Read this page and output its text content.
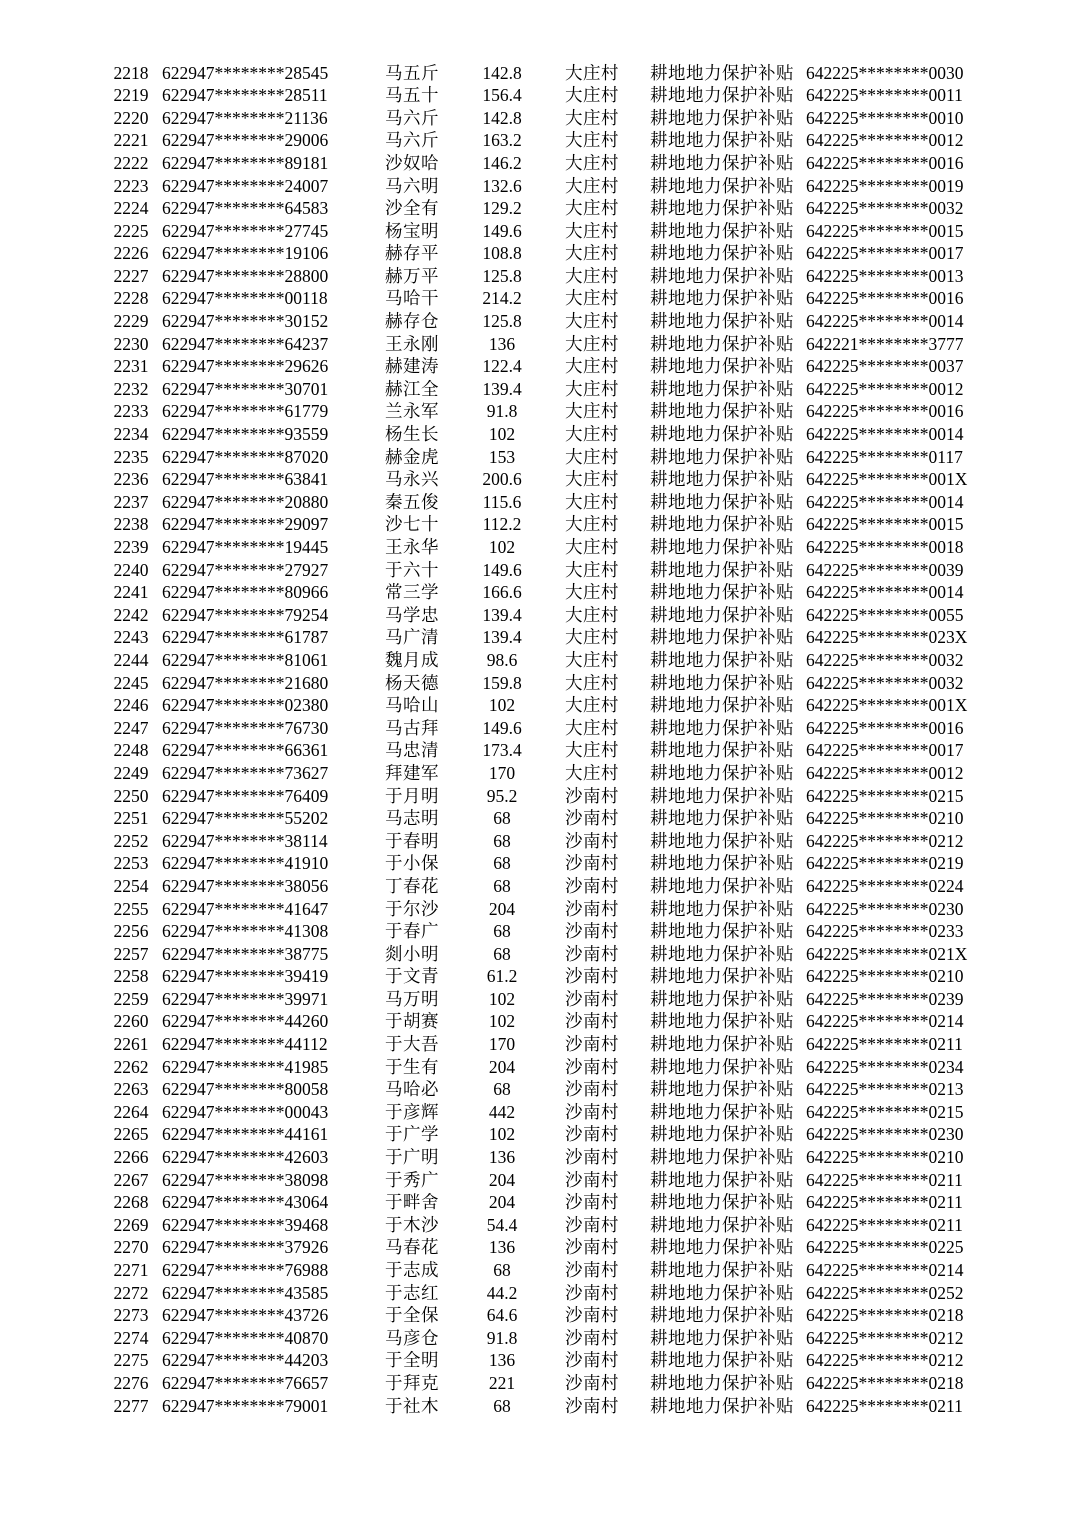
2218	622947********28545	马五斤	142.8	大庄村	耕地地力保护补贴	642225********0030
2219	622947********28511	马五十	156.4	大庄村	耕地地力保护补贴	642225********0011
2220	622947********21136	马六斤	142.8	大庄村	耕地地力保护补贴	642225********0010
2221	622947********29006	马六斤	163.2	大庄村	耕地地力保护补贴	642225********0012
2222	622947********89181	沙奴哈	146.2	大庄村	耕地地力保护补贴	642225********0016
2223	622947********24007	马六明	132.6	大庄村	耕地地力保护补贴	642225********0019
2224	622947********64583	沙全有	129.2	大庄村	耕地地力保护补贴	642225********0032
2225	622947********27745	杨宝明	149.6	大庄村	耕地地力保护补贴	642225********0015
2226	622947********19106	赫存平	108.8	大庄村	耕地地力保护补贴	642225********0017
2227	622947********28800	赫万平	125.8	大庄村	耕地地力保护补贴	642225********0013
2228	622947********00118	马哈干	214.2	大庄村	耕地地力保护补贴	642225********0016
2229	622947********30152	赫存仓	125.8	大庄村	耕地地力保护补贴	642225********0014
2230	622947********64237	王永刚	136	大庄村	耕地地力保护补贴	642221********3777
2231	622947********29626	赫建涛	122.4	大庄村	耕地地力保护补贴	642225********0037
2232	622947********30701	赫江全	139.4	大庄村	耕地地力保护补贴	642225********0012
2233	622947********61779	兰永军	91.8	大庄村	耕地地力保护补贴	642225********0016
2234	622947********93559	杨生长	102	大庄村	耕地地力保护补贴	642225********0014
2235	622947********87020	赫金虎	153	大庄村	耕地地力保护补贴	642225********0117
2236	622947********63841	马永兴	200.6	大庄村	耕地地力保护补贴	642225********001X
2237	622947********20880	秦五俊	115.6	大庄村	耕地地力保护补贴	642225********0014
2238	622947********29097	沙七十	112.2	大庄村	耕地地力保护补贴	642225********0015
2239	622947********19445	王永华	102	大庄村	耕地地力保护补贴	642225********0018
2240	622947********27927	于六十	149.6	大庄村	耕地地力保护补贴	642225********0039
2241	622947********80966	常三学	166.6	大庄村	耕地地力保护补贴	642225********0014
2242	622947********79254	马学忠	139.4	大庄村	耕地地力保护补贴	642225********0055
2243	622947********61787	马广清	139.4	大庄村	耕地地力保护补贴	642225********023X
2244	622947********81061	魏月成	98.6	大庄村	耕地地力保护补贴	642225********0032
2245	622947********21680	杨天德	159.8	大庄村	耕地地力保护补贴	642225********0032
2246	622947********02380	马哈山	102	大庄村	耕地地力保护补贴	642225********001X
2247	622947********76730	马古拜	149.6	大庄村	耕地地力保护补贴	642225********0016
2248	622947********66361	马忠清	173.4	大庄村	耕地地力保护补贴	642225********0017
2249	622947********73627	拜建军	170	大庄村	耕地地力保护补贴	642225********0012
2250	622947********76409	于月明	95.2	沙南村	耕地地力保护补贴	642225********0215
2251	622947********55202	马志明	68	沙南村	耕地地力保护补贴	642225********0210
2252	622947********38114	于春明	68	沙南村	耕地地力保护补贴	642225********0212
2253	622947********41910	于小保	68	沙南村	耕地地力保护补贴	642225********0219
2254	622947********38056	丁春花	68	沙南村	耕地地力保护补贴	642225********0224
2255	622947********41647	于尔沙	204	沙南村	耕地地力保护补贴	642225********0230
2256	622947********41308	于春广	68	沙南村	耕地地力保护补贴	642225********0233
2257	622947********38775	剡小明	68	沙南村	耕地地力保护补贴	642225********021X
2258	622947********39419	于文青	61.2	沙南村	耕地地力保护补贴	642225********0210
2259	622947********39971	马万明	102	沙南村	耕地地力保护补贴	642225********0239
2260	622947********44260	于胡赛	102	沙南村	耕地地力保护补贴	642225********0214
2261	622947********44112	于大吾	170	沙南村	耕地地力保护补贴	642225********0211
2262	622947********41985	于生有	204	沙南村	耕地地力保护补贴	642225********0234
2263	622947********80058	马哈必	68	沙南村	耕地地力保护补贴	642225********0213
2264	622947********00043	于彦辉	442	沙南村	耕地地力保护补贴	642225********0215
2265	622947********44161	于广学	102	沙南村	耕地地力保护补贴	642225********0230
2266	622947********42603	于广明	136	沙南村	耕地地力保护补贴	642225********0210
2267	622947********38098	于秀广	204	沙南村	耕地地力保护补贴	642225********0211
2268	622947********43064	于畔舍	204	沙南村	耕地地力保护补贴	642225********0211
2269	622947********39468	于木沙	54.4	沙南村	耕地地力保护补贴	642225********0211
2270	622947********37926	马春花	136	沙南村	耕地地力保护补贴	642225********0225
2271	622947********76988	于志成	68	沙南村	耕地地力保护补贴	642225********0214
2272	622947********43585	于志红	44.2	沙南村	耕地地力保护补贴	642225********0252
2273	622947********43726	于全保	64.6	沙南村	耕地地力保护补贴	642225********0218
2274	622947********40870	马彦仓	91.8	沙南村	耕地地力保护补贴	642225********0212
2275	622947********44203	于全明	136	沙南村	耕地地力保护补贴	642225********0212
2276	622947********76657	于拜克	221	沙南村	耕地地力保护补贴	642225********0218
2277	622947********79001	于社木	68	沙南村	耕地地力保护补贴	642225********0211
